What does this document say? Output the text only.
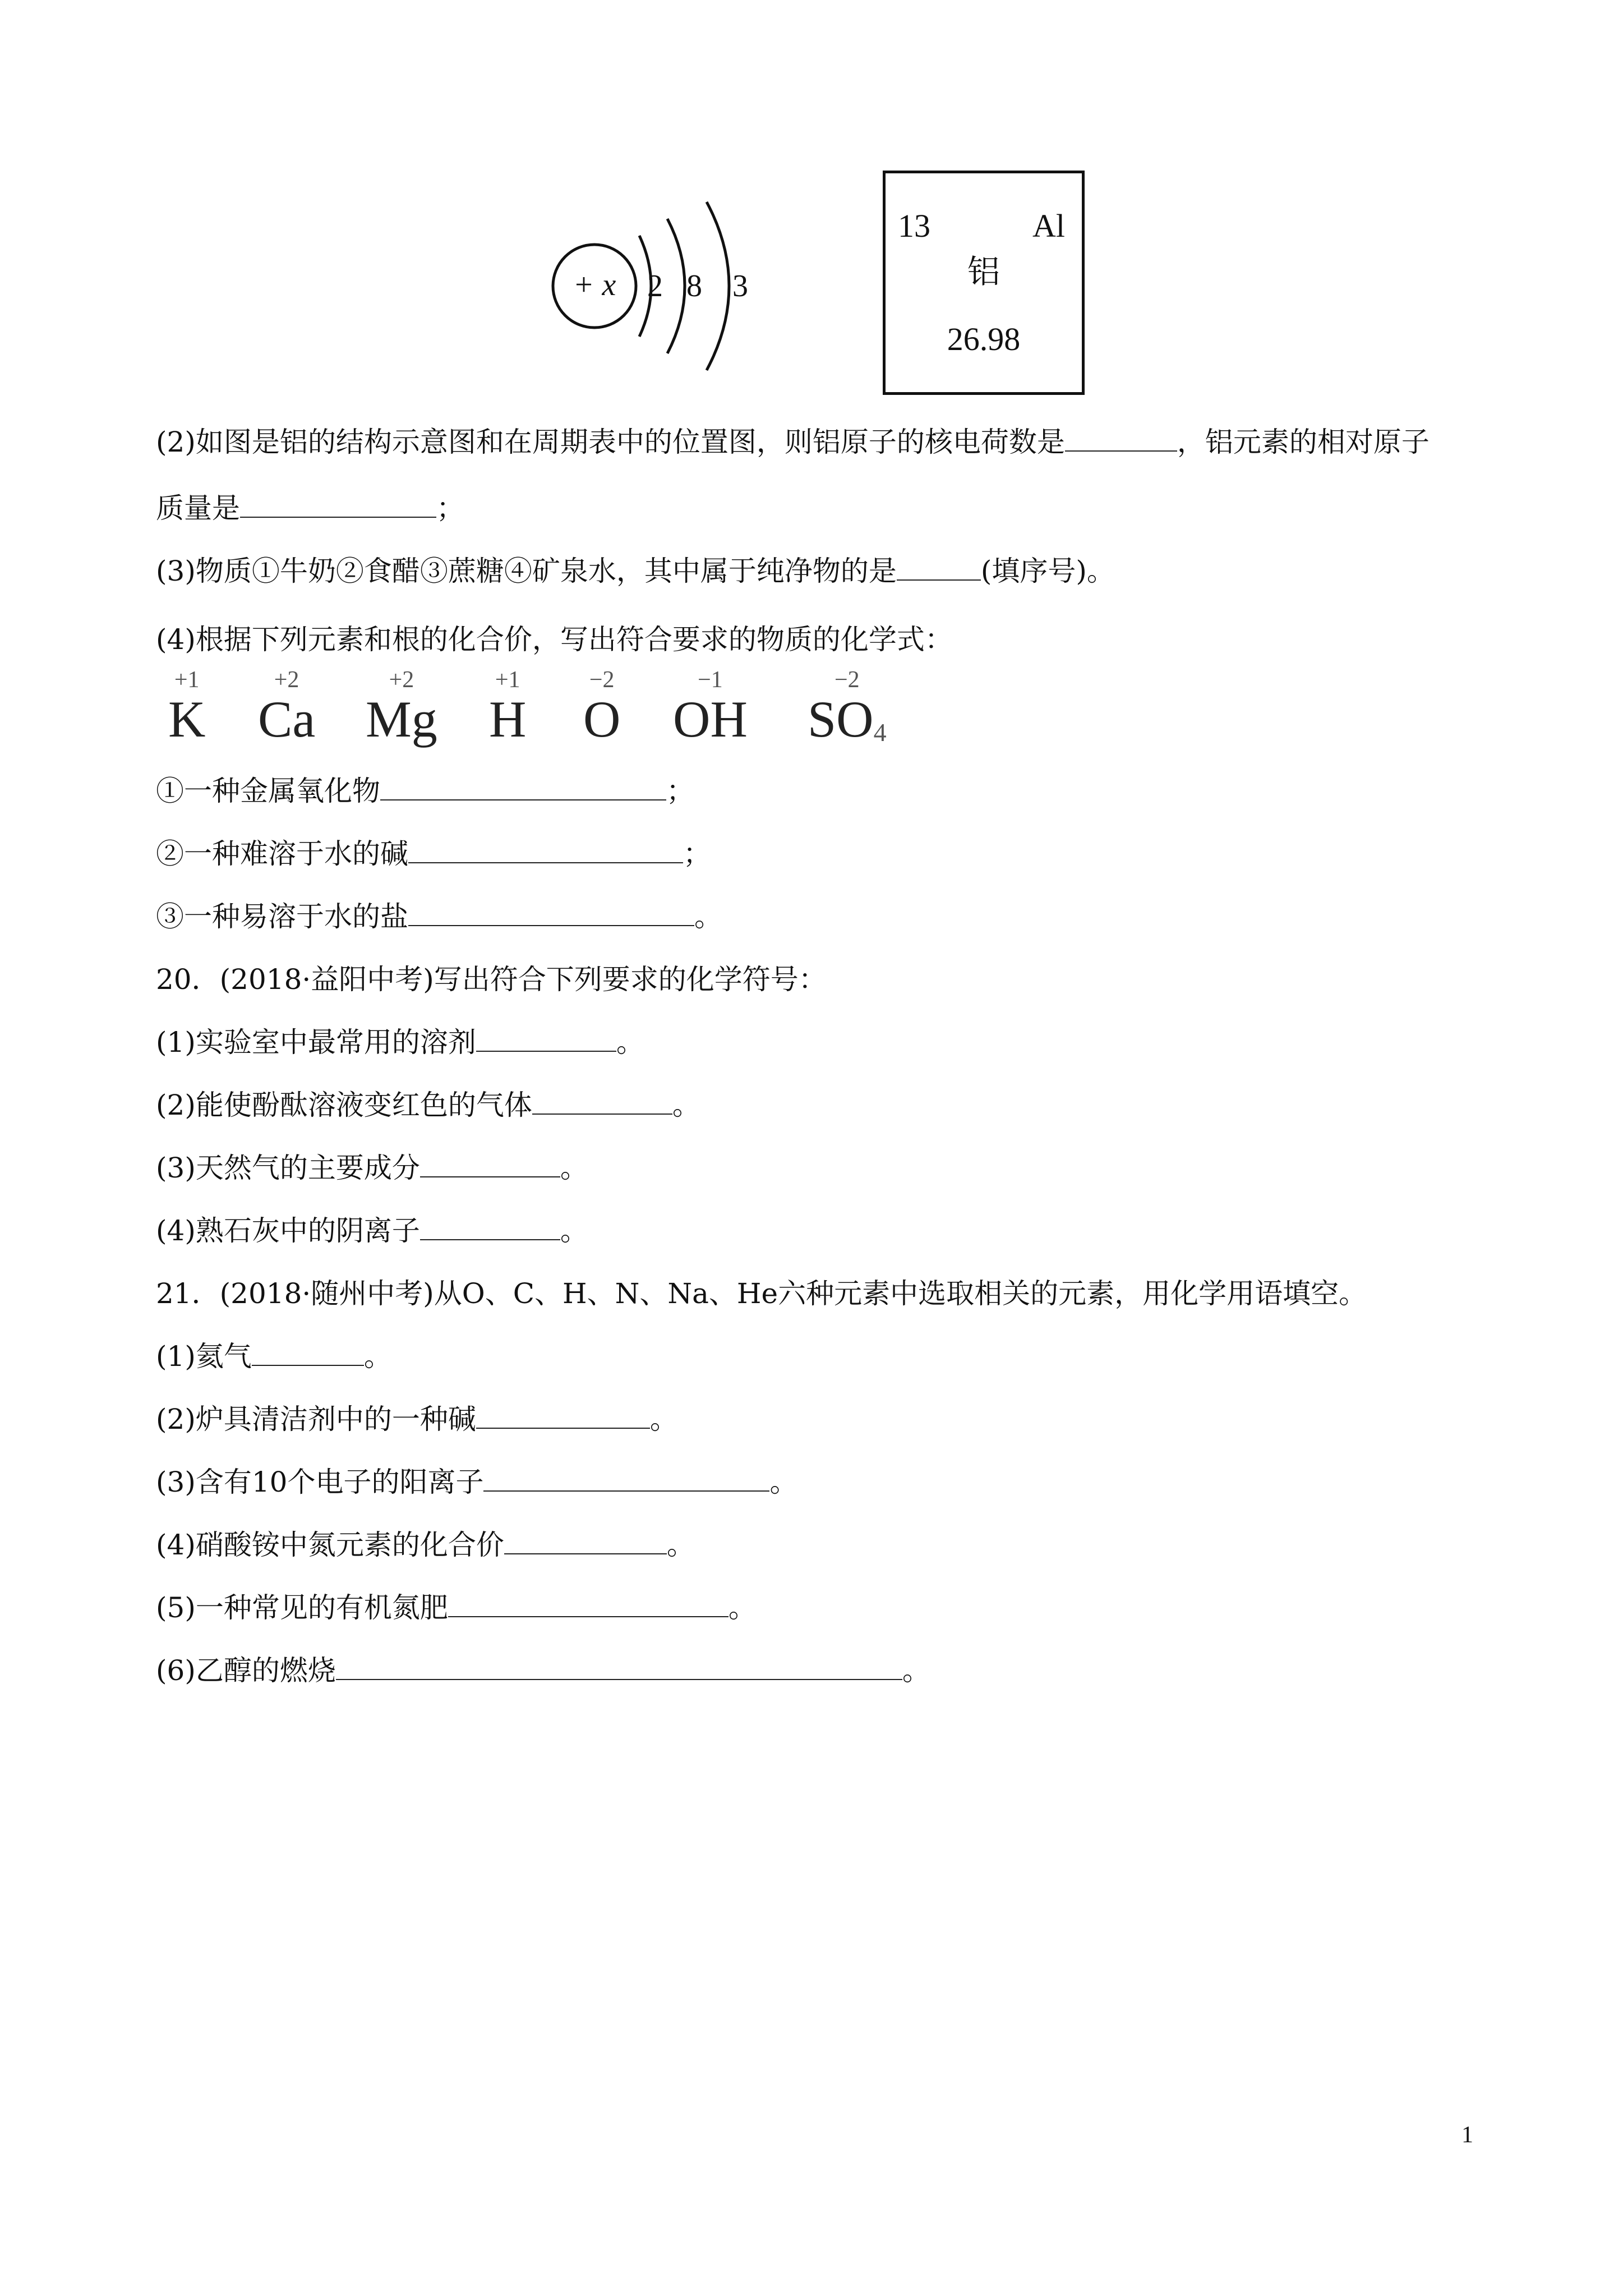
+ x 2 8 3
13	Al
铝
26.98
(2)如图是铝的结构示意图和在周期表中的位置图，则铝原子的核电荷数是	，铝元素的相对原子
质量是	；
(3)物质①牛奶②食醋③蔗糖④矿泉水，其中属于纯净物的是	(填序号)。
(4)根据下列元素和根的化合价，写出符合要求的物质的化学式：
①一种金属氧化物	；
②一种难溶于水的碱	；
③一种易溶于水的盐	。
20．(2018·益阳中考)写出符合下列要求的化学符号：
(1)实验室中最常用的溶剂	。
(2)能使酚酞溶液变红色的气体	。
(3)天然气的主要成分	。
(4)熟石灰中的阴离子	。
21．(2018·随州中考)从O、C、H、N、Na、He六种元素中选取相关的元素，用化学用语填空。
(1)氦气	。
(2)炉具清洁剂中的一种碱	。
(3)含有10个电子的阳离子	。
(4)硝酸铵中氮元素的化合价	。
(5)一种常见的有机氮肥	。
(6)乙醇的燃烧	。
+1
K
+2
Ca
+2
Mg
+1
H
−2
O
−1
OH
−2
SO4
1
